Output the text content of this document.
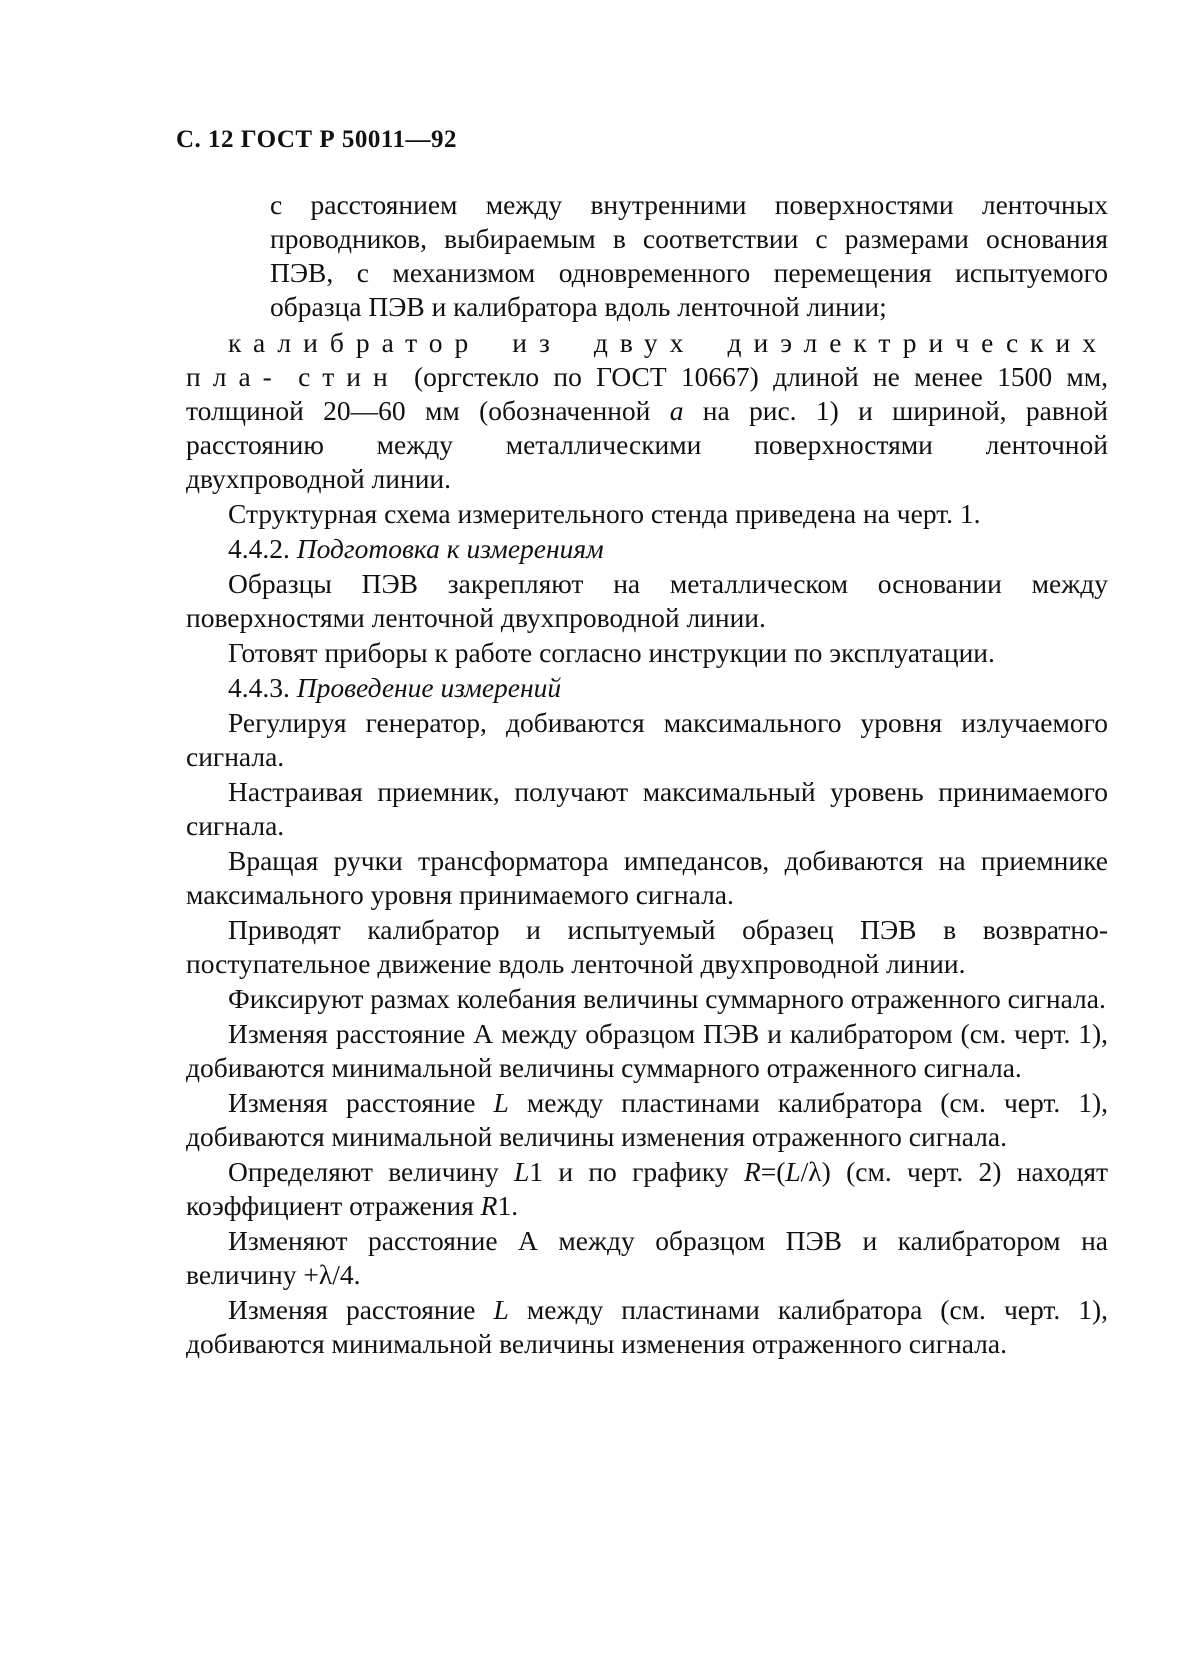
С. 12 ГОСТ Р 50011—92
с расстоянием между внутренними поверхностями ленточных проводников, выбираемым в соответствии с размерами основания ПЭВ, с механизмом одновременного перемещения испытуемого образца ПЭВ и калибратора вдоль ленточной линии;

калибратор из двух диэлектрических пла- стин (оргстекло по ГОСТ 10667) длиной не менее 1500 мм, толщиной 20—60 мм (обозначенной а на рис. 1) и шириной, равной расстоянию между металлическими поверхностями ленточной двухпроводной линии.

Структурная схема измерительного стенда приведена на черт. 1.

4.4.2. Подготовка к измерениям

Образцы ПЭВ закрепляют на металлическом основании между поверхностями ленточной двухпроводной линии.

Готовят приборы к работе согласно инструкции по эксплуатации.

4.4.3. Проведение измерений

Регулируя генератор, добиваются максимального уровня излучаемого сигнала.

Настраивая приемник, получают максимальный уровень принимаемого сигнала.

Вращая ручки трансформатора импедансов, добиваются на приемнике максимального уровня принимаемого сигнала.

Приводят калибратор и испытуемый образец ПЭВ в возвратно-поступательное движение вдоль ленточной двухпроводной линии.

Фиксируют размах колебания величины суммарного отраженного сигнала.

Изменяя расстояние А между образцом ПЭВ и калибратором (см. черт. 1), добиваются минимальной величины суммарного отраженного сигнала.

Изменяя расстояние L между пластинами калибратора (см. черт. 1), добиваются минимальной величины изменения отраженного сигнала.

Определяют величину L1 и по графику R=(L/λ) (см. черт. 2) находят коэффициент отражения R1.

Изменяют расстояние А между образцом ПЭВ и калибратором на величину +λ/4.

Изменяя расстояние L между пластинами калибратора (см. черт. 1), добиваются минимальной величины изменения отраженного сигнала.
